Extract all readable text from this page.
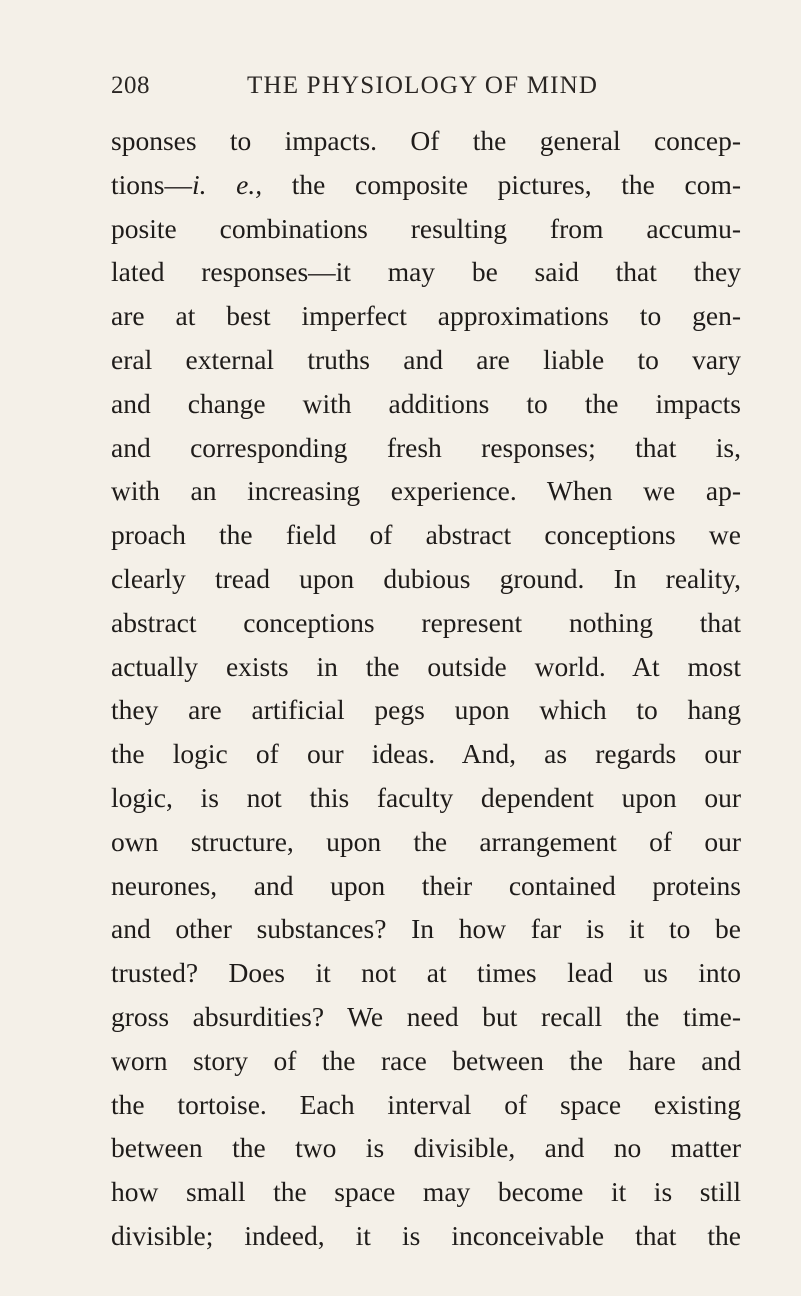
208	THE PHYSIOLOGY OF MIND
sponses to impacts. Of the general concep-
tions—i. e., the composite pictures, the com-
posite combinations resulting from accumu-
lated responses—it may be said that they
are at best imperfect approximations to gen-
eral external truths and are liable to vary
and change with additions to the impacts
and corresponding fresh responses; that is,
with an increasing experience. When we ap-
proach the field of abstract conceptions we
clearly tread upon dubious ground. In reality,
abstract conceptions represent nothing that
actually exists in the outside world. At most
they are artificial pegs upon which to hang
the logic of our ideas. And, as regards our
logic, is not this faculty dependent upon our
own structure, upon the arrangement of our
neurones, and upon their contained proteins
and other substances? In how far is it to be
trusted? Does it not at times lead us into
gross absurdities? We need but recall the time-
worn story of the race between the hare and
the tortoise. Each interval of space existing
between the two is divisible, and no matter
how small the space may become it is still
divisible; indeed, it is inconceivable that the
